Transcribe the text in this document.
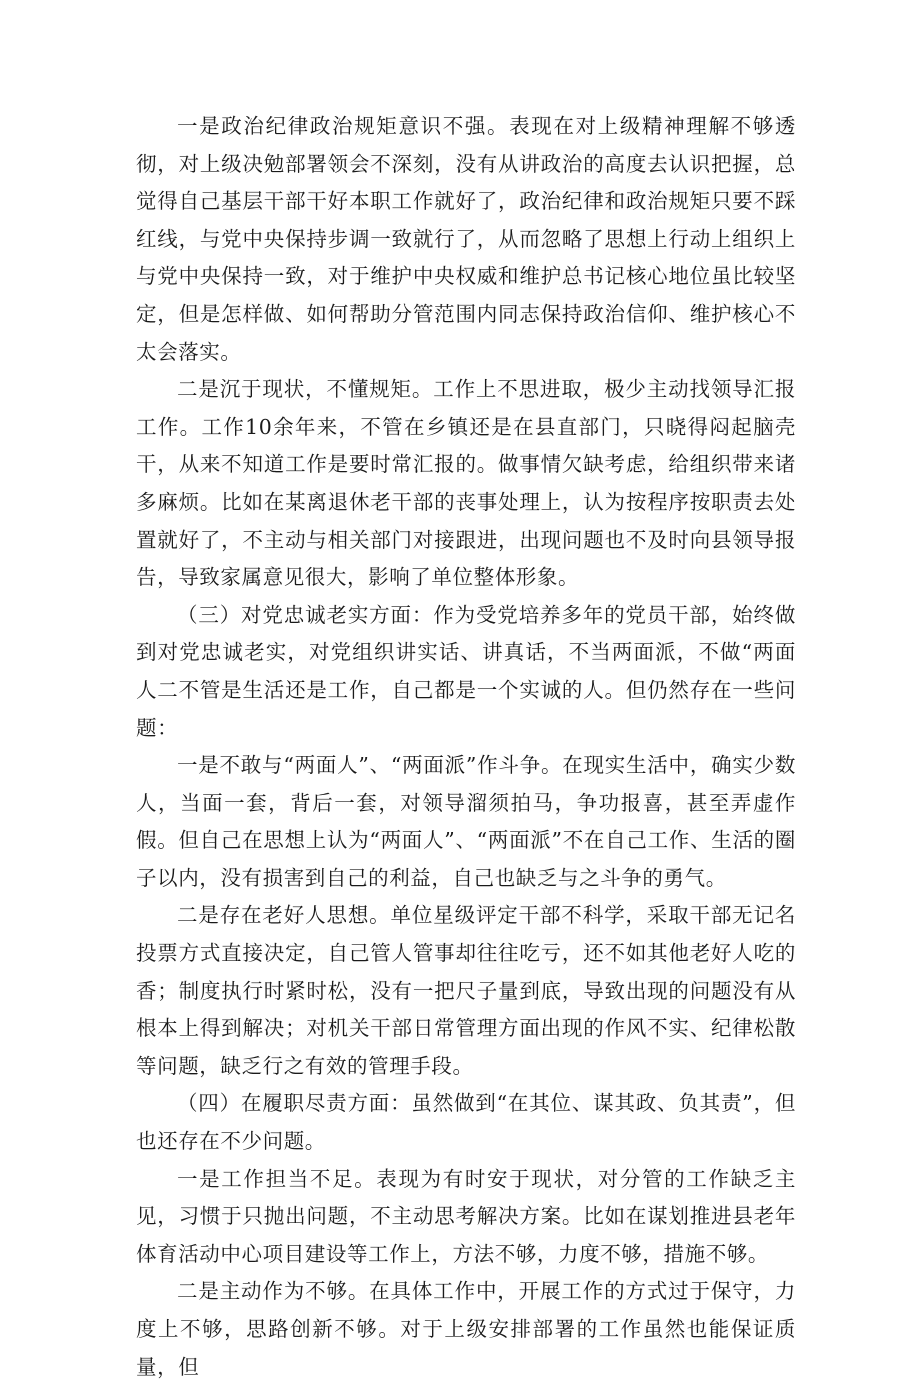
一是政治纪律政治规矩意识不强。表现在对上级精神理解不够透彻，对上级决勉部署领会不深刻，没有从讲政治的高度去认识把握，总觉得自己基层干部干好本职工作就好了，政治纪律和政治规矩只要不踩红线，与党中央保持步调一致就行了，从而忽略了思想上行动上组织上与党中央保持一致，对于维护中央权威和维护总书记核心地位虽比较坚定，但是怎样做、如何帮助分管范围内同志保持政治信仰、维护核心不太会落实。

二是沉于现状，不懂规矩。工作上不思进取，极少主动找领导汇报工作。工作10余年来，不管在乡镇还是在县直部门，只晓得闷起脑壳干，从来不知道工作是要时常汇报的。做事情欠缺考虑，给组织带来诸多麻烦。比如在某离退休老干部的丧事处理上，认为按程序按职责去处置就好了，不主动与相关部门对接跟进，出现问题也不及时向县领导报告，导致家属意见很大，影响了单位整体形象。

（三）对党忠诚老实方面：作为受党培养多年的党员干部，始终做到对党忠诚老实，对党组织讲实话、讲真话，不当两面派，不做“两面人二不管是生活还是工作，自己都是一个实诚的人。但仍然存在一些问题：

一是不敢与“两面人”、“两面派”作斗争。在现实生活中，确实少数人，当面一套，背后一套，对领导溜须拍马，争功报喜，甚至弄虚作假。但自己在思想上认为“两面人”、“两面派”不在自己工作、生活的圈子以内，没有损害到自己的利益，自己也缺乏与之斗争的勇气。

二是存在老好人思想。单位星级评定干部不科学，采取干部无记名投票方式直接决定，自己管人管事却往往吃亏，还不如其他老好人吃的香；制度执行时紧时松，没有一把尺子量到底，导致出现的问题没有从根本上得到解决；对机关干部日常管理方面出现的作风不实、纪律松散等问题，缺乏行之有效的管理手段。

（四）在履职尽责方面：虽然做到“在其位、谋其政、负其责”，但也还存在不少问题。

一是工作担当不足。表现为有时安于现状，对分管的工作缺乏主见，习惯于只抛出问题，不主动思考解决方案。比如在谋划推进县老年体育活动中心项目建设等工作上，方法不够，力度不够，措施不够。

二是主动作为不够。在具体工作中，开展工作的方式过于保守，力度上不够，思路创新不够。对于上级安排部署的工作虽然也能保证质量，但
